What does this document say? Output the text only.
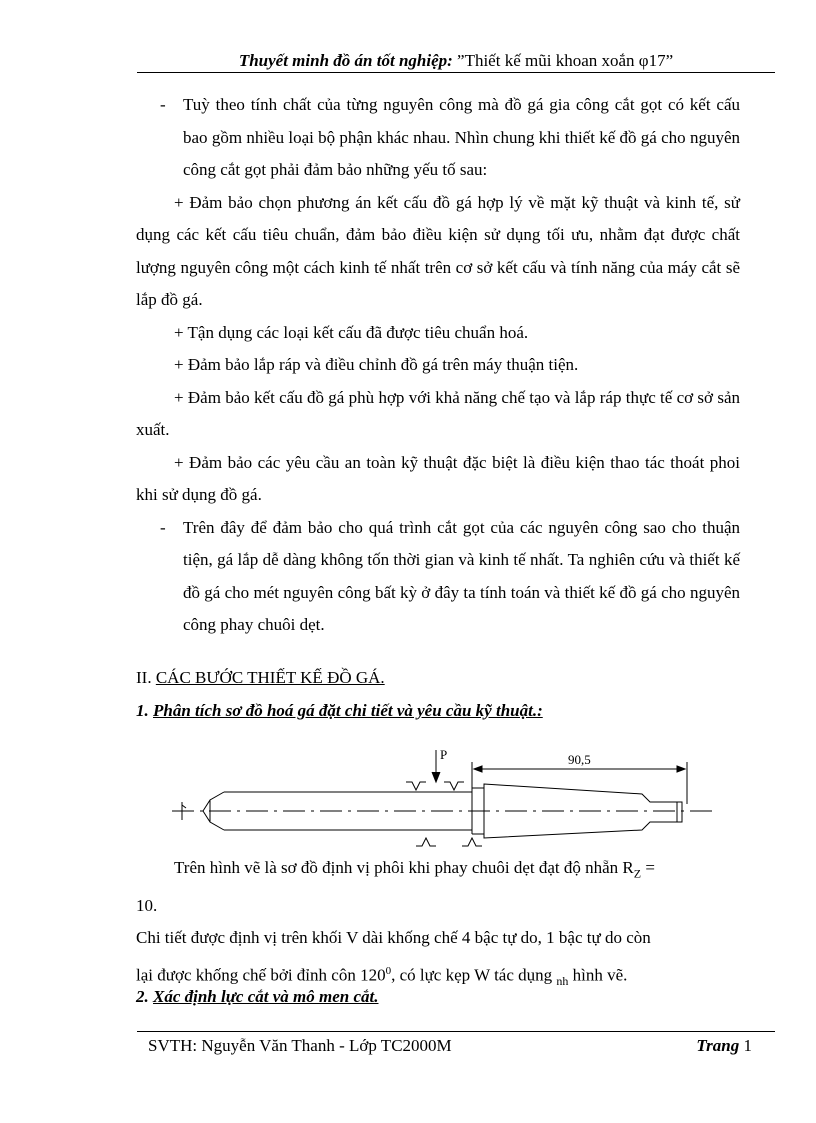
Thuyết minh đồ án tốt nghiệp: ”Thiết kế mũi khoan xoắn φ17”

- Tuỳ theo tính chất của từng nguyên công mà đồ gá gia công cắt gọt có kết cấu bao gồm nhiều loại bộ phận khác nhau. Nhìn chung khi thiết kế đồ gá cho nguyên công cắt gọt phải đảm bảo những yếu tố sau:

+ Đảm bảo chọn phương án kết cấu đồ gá hợp lý về mặt kỹ thuật và kinh tế, sử dụng các kết cấu tiêu chuẩn, đảm bảo điều kiện sử dụng tối ưu, nhằm đạt được chất lượng nguyên công một cách kinh tế nhất trên cơ sở kết cấu và tính năng của máy cắt sẽ lắp đồ gá.

+ Tận dụng các loại kết cấu đã được tiêu chuẩn hoá.

+ Đảm bảo lắp ráp và điều chỉnh đồ gá trên máy thuận tiện.

+ Đảm bảo kết cấu đồ gá phù hợp với khả năng chế tạo và lắp ráp thực tế cơ sở sản xuất.

+ Đảm bảo các yêu cầu an toàn kỹ thuật đặc biệt là điều kiện thao tác thoát phoi khi sử dụng đồ gá.

- Trên đây để đảm bảo cho quá trình cắt gọt của các nguyên công sao cho thuận tiện, gá lắp dễ dàng không tốn thời gian và kinh tế nhất. Ta nghiên cứu và thiết kế đồ gá cho mét nguyên công bất kỳ ở đây ta tính toán và thiết kế đồ gá cho nguyên công phay chuôi dẹt.

II. CÁC BƯỚC THIẾT KẾ ĐỒ GÁ.
1. Phân tích sơ đồ hoá gá đặt chi tiết và yêu cầu kỹ thuật.:
P	90,5

Trên hình vẽ là sơ đồ định vị phôi khi phay chuôi dẹt đạt độ nhẵn $R_Z$ =

10.

Chi tiết được định vị trên khối V dài khống chế 4 bậc tự do, 1 bậc tự do còn

lại được khống chế bởi đỉnh côn $120^0$, có lực kẹp W tác dụng $_{nh}$ hình vẽ.

2. Xác định lực cắt và mô men cắt.
SVTH: Nguyễn Văn Thanh - Lớp TC2000M	Trang 1
